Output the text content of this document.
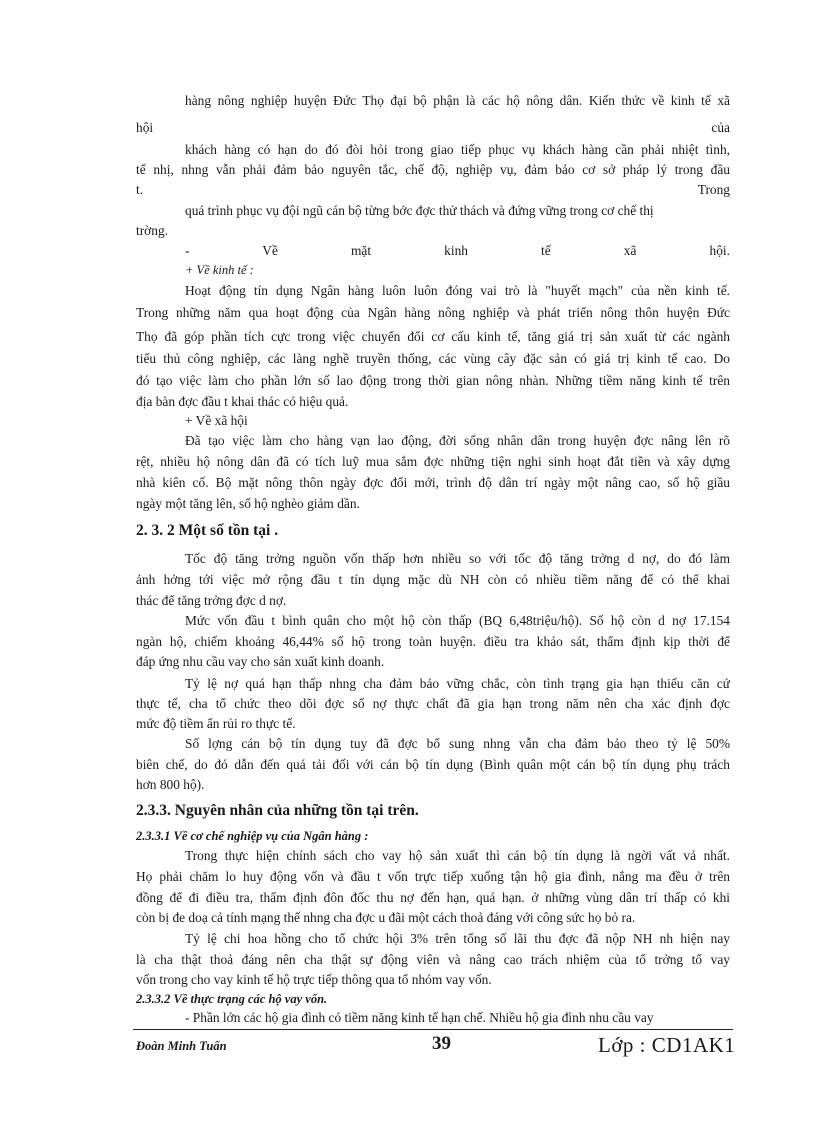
hàng nông nghiệp huyện Đức Thọ đại bộ phận là các hộ nông dân. Kiến thức về kinh tế xã
hội	của
khách hàng có hạn do đó đòi hỏi trong giao tiếp phục vụ khách hàng cần phải nhiệt tình,
tế nhị, nhng vẫn phải đảm bảo nguyên tắc, chế độ, nghiệp vụ, đảm bảo cơ sở pháp lý trong đầu
t.	Trong
quá trình phục vụ đội ngũ cán bộ từng bớc đợc thử thách và đứng vững trong cơ chế thị
trờng.
- Về mặt kinh tế xã hội.
+ Về kinh tế :
Hoạt động tín dụng Ngân hàng luôn luôn đóng vai trò là "huyết mạch" của nền kinh tế.
Trong những năm qua hoạt động của Ngân hàng nông nghiệp và phát triển nông thôn huyện Đức
Thọ đã góp phần tích cực trong việc chuyển đổi cơ cấu kinh tế, tăng giá trị sản xuất từ các ngành
tiểu thủ công nghiệp, các làng nghề truyền thống, các vùng cây đặc sản có giá trị kinh tế cao. Do
đó tạo việc làm cho phần lớn số lao động trong thời gian nông nhàn. Những tiềm năng kinh tế trên
địa bàn đợc đầu t khai thác có hiệu quả.
+ Về xã hội
Đã tạo việc làm cho hàng vạn lao động, đời sống nhân dân trong huyện đợc nâng lên rõ
rệt, nhiều hộ nông dân đã có tích luỹ mua sắm đợc những tiện nghi sinh hoạt đắt tiền và xây dựng
nhà kiên cố. Bộ mặt nông thôn ngày đợc đổi mới, trình độ dân trí ngày một nâng cao, số hộ giầu
ngày một tăng lên, số hộ nghèo giảm dần.
2. 3. 2 Một số tồn tại .
Tốc độ tăng trởng nguồn vốn thấp hơn nhiều so với tốc độ tăng trởng d nợ, do đó làm
ảnh hởng tới việc mở rộng đầu t tín dụng mặc dù NH còn có nhiều tiềm năng để có thể khai
thác để tăng trởng đợc d nợ.
Mức vốn đầu t bình quân cho một hộ còn thấp (BQ 6,48triệu/hộ). Số hộ còn d nợ 17.154
ngàn hộ, chiếm khoảng 46,44% số hộ trong toàn huyện. điều tra khảo sát, thẩm định kịp thời để
đáp ứng nhu cầu vay cho sản xuất kinh doanh.
Tỷ lệ nợ quá hạn thấp nhng cha đảm bảo vững chắc, còn tình trạng gia hạn thiếu căn cứ
thực tế, cha tổ chức theo dõi đợc số nợ thực chất đã gia hạn trong năm nên cha xác định đợc
mức độ tiềm ẩn rủi ro thực tế.
Số lợng cán bộ tín dụng tuy đã đợc bổ sung nhng vẫn cha đảm bảo theo tỷ lệ 50%
biên chế, do đó dẫn đến quá tải đối với cán bộ tín dụng (Bình quân một cán bộ tín dụng phụ trách
hơn 800 hộ).
2.3.3. Nguyên nhân của những tồn tại trên.
2.3.3.1 Về cơ chế nghiệp vụ của Ngân hàng :
Trong thực hiện chính sách cho vay hộ sản xuất thì cán bộ tín dụng là ngời vất vả nhất.
Họ phải chăm lo huy động vốn và đầu t vốn trực tiếp xuống tận hộ gia đình, nắng ma đều ở trên
đồng để đi điều tra, thẩm định đôn đốc thu nợ đến hạn, quá hạn. ở những vùng dân trí thấp có khi
còn bị đe doạ cả tính mạng thế nhng cha đợc u đãi một cách thoả đáng với công sức họ bỏ ra.
Tỷ lệ chi hoa hồng cho tổ chức hội 3% trên tổng số lãi thu đợc đã nộp NH nh hiện nay
là cha thật thoả đáng nên cha thật sự động viên và nâng cao trách nhiệm của tổ trởng tổ vay
vốn trong cho vay kinh tế hộ trực tiếp thông qua tổ nhóm vay vốn.
2.3.3.2 Về thực trạng các hộ vay vốn.
- Phần lớn các hộ gia đình có tiềm năng kinh tế hạn chế. Nhiều hộ gia đình nhu cầu vay
Đoàn Minh Tuấn	39	Lớp : CD1AK1
